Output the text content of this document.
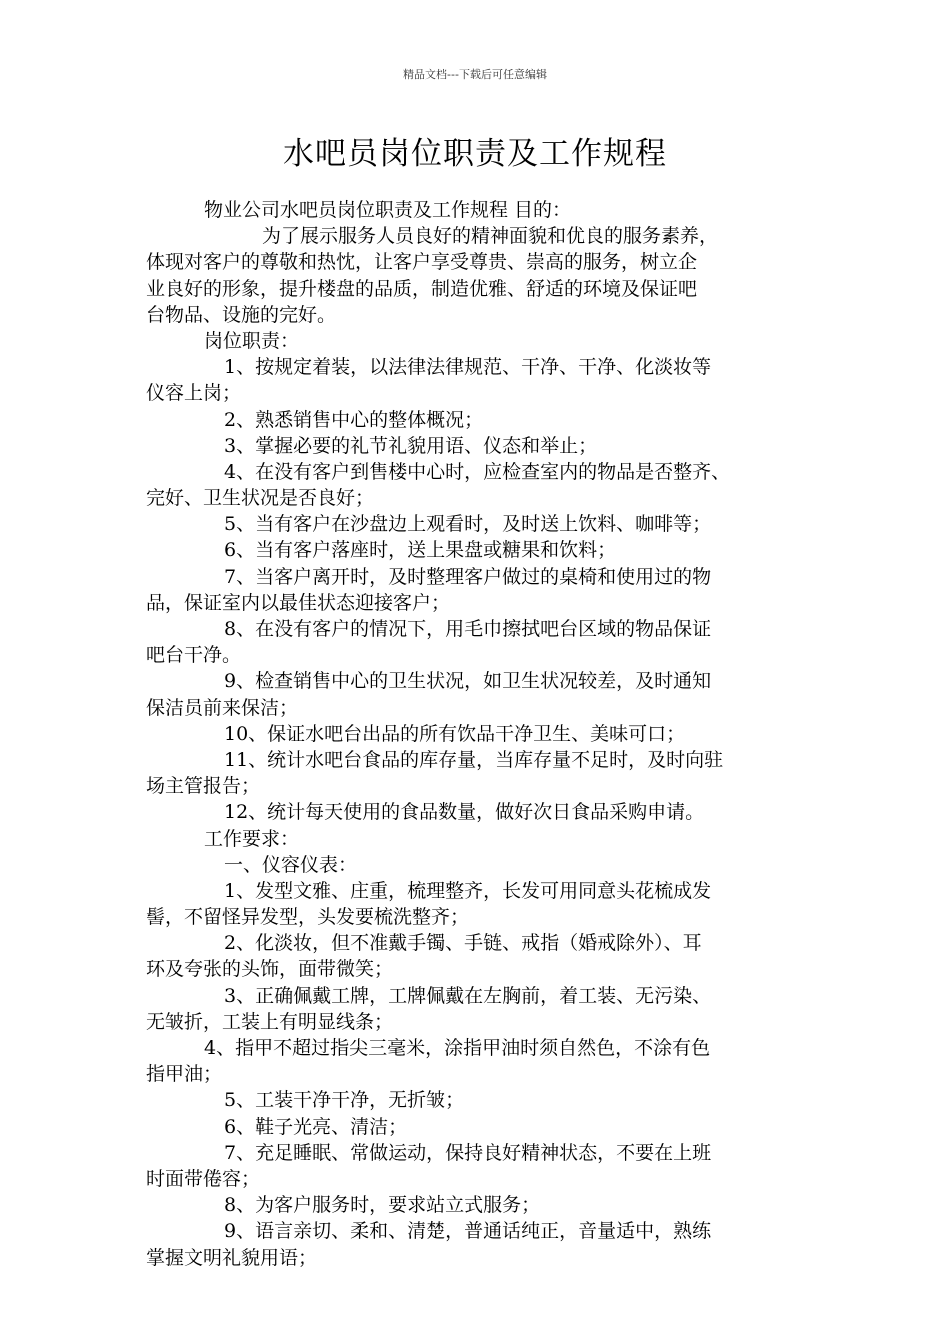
精品文档---下载后可任意编辑
水吧员岗位职责及工作规程
物业公司水吧员岗位职责及工作规程 目的：
为了展示服务人员良好的精神面貌和优良的服务素养，
体现对客户的尊敬和热忱，让客户享受尊贵、崇高的服务，树立企
业良好的形象，提升楼盘的品质，制造优雅、舒适的环境及保证吧
台物品、设施的完好。
岗位职责：
1、按规定着装，以法律法律规范、干净、干净、化淡妆等
仪容上岗；
2、熟悉销售中心的整体概况；
3、掌握必要的礼节礼貌用语、仪态和举止；
4、在没有客户到售楼中心时，应检查室内的物品是否整齐、
完好、卫生状况是否良好；
5、当有客户在沙盘边上观看时，及时送上饮料、咖啡等；
6、当有客户落座时，送上果盘或糖果和饮料；
7、当客户离开时，及时整理客户做过的桌椅和使用过的物
品，保证室内以最佳状态迎接客户；
8、在没有客户的情况下，用毛巾擦拭吧台区域的物品保证
吧台干净。
9、检查销售中心的卫生状况，如卫生状况较差，及时通知
保洁员前来保洁；
10、保证水吧台出品的所有饮品干净卫生、美味可口；
11、统计水吧台食品的库存量，当库存量不足时，及时向驻
场主管报告；
12、统计每天使用的食品数量，做好次日食品采购申请。
工作要求：
一、仪容仪表：
1、发型文雅、庄重，梳理整齐，长发可用同意头花梳成发
髻，不留怪异发型，头发要梳洗整齐；
2、化淡妆，但不准戴手镯、手链、戒指（婚戒除外）、耳
环及夸张的头饰，面带微笑；
3、正确佩戴工牌，工牌佩戴在左胸前，着工装、无污染、
无皱折，工装上有明显线条；
4、指甲不超过指尖三毫米，涂指甲油时须自然色，不涂有色
指甲油；
5、工装干净干净，无折皱；
6、鞋子光亮、清洁；
7、充足睡眠、常做运动，保持良好精神状态，不要在上班
时面带倦容；
8、为客户服务时，要求站立式服务；
9、语言亲切、柔和、清楚，普通话纯正，音量适中，熟练
掌握文明礼貌用语；
